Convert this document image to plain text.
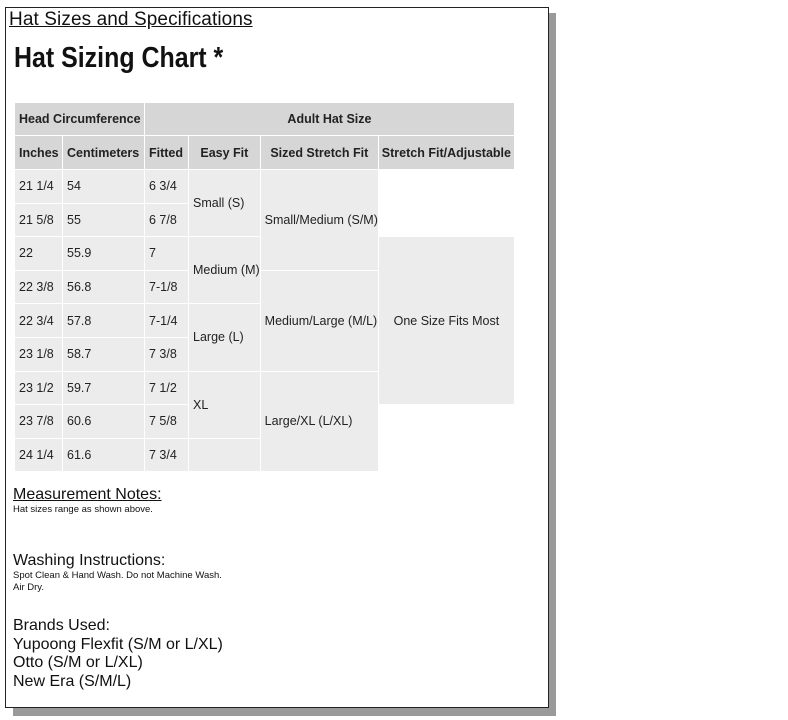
Hat Sizes and Specifications
Hat Sizing Chart *
Head Circumference		Adult Hat Size				
Inches	Centimeters	Fitted	Easy Fit	Sized Stretch Fit	Stretch Fit/Adjustable	
21 1/4	54	6 3/4	Small (S)	Small/Medium (S/M)		
21 5/8	55	6 7/8				
22	55.9	7	Medium (M)		One Size Fits Most	
22 3/8	56.8	7-1/8		Medium/Large (M/L)		
22 3/4	57.8	7-1/4	Large (L)			
23 1/8	58.7	7 3/8				
23 1/2	59.7	7 1/2	XL	Large/XL (L/XL)		
23 7/8	60.6	7 5/8				
24 1/4	61.6	7 3/4				
Measurement Notes:
Hat sizes range as shown above.
Washing Instructions:
Spot Clean & Hand Wash. Do not Machine Wash.
Air Dry.
Brands Used:
Yupoong Flexfit (S/M or L/XL)
Otto (S/M or L/XL)
New Era (S/M/L)
